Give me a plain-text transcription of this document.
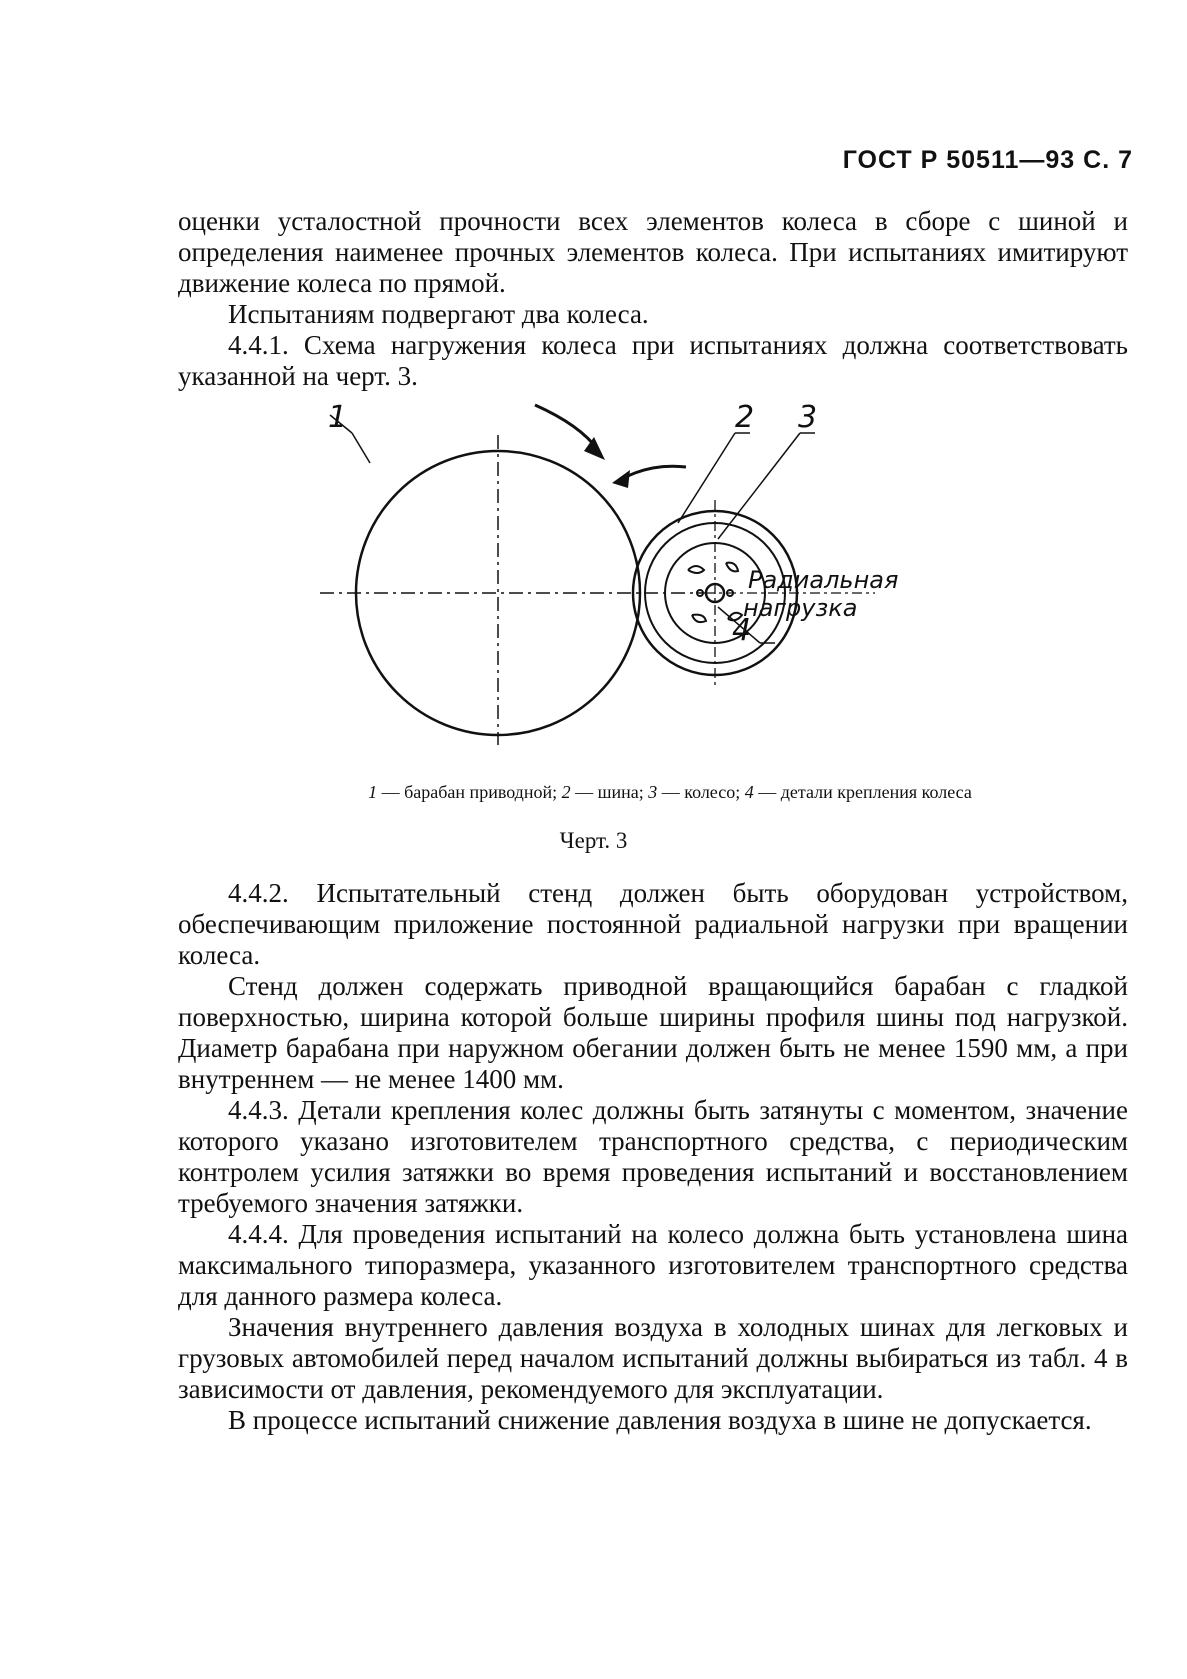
ГОСТ Р 50511—93 С. 7

оценки усталостной прочности всех элементов колеса в сборе с шиной и определения наименее прочных элементов колеса. При испытаниях имитируют движение колеса по прямой.

Испытаниям подвергают два колеса.

4.4.1. Схема нагружения колеса при испытаниях должна соответствовать указанной на черт. 3.

1	2 3
4
Радиальная
нагрузка
1 — барабан приводной; 2 — шина; 3 — колесо; 4 — детали крепления колеса
Черт. 3

4.4.2. Испытательный стенд должен быть оборудован устройством, обеспечивающим приложение постоянной радиальной нагрузки при вращении колеса.

Стенд должен содержать приводной вращающийся барабан с гладкой поверхностью, ширина которой больше ширины профиля шины под нагрузкой. Диаметр барабана при наружном обегании должен быть не менее 1590 мм, а при внутреннем — не менее 1400 мм.

4.4.3. Детали крепления колес должны быть затянуты с моментом, значение которого указано изготовителем транспортного средства, с периодическим контролем усилия затяжки во время проведения испытаний и восстановлением требуемого значения затяжки.

4.4.4. Для проведения испытаний на колесо должна быть установлена шина максимального типоразмера, указанного изготовителем транспортного средства для данного размера колеса.

Значения внутреннего давления воздуха в холодных шинах для легковых и грузовых автомобилей перед началом испытаний должны выбираться из табл. 4 в зависимости от давления, рекомендуемого для эксплуатации.

В процессе испытаний снижение давления воздуха в шине не допускается.
